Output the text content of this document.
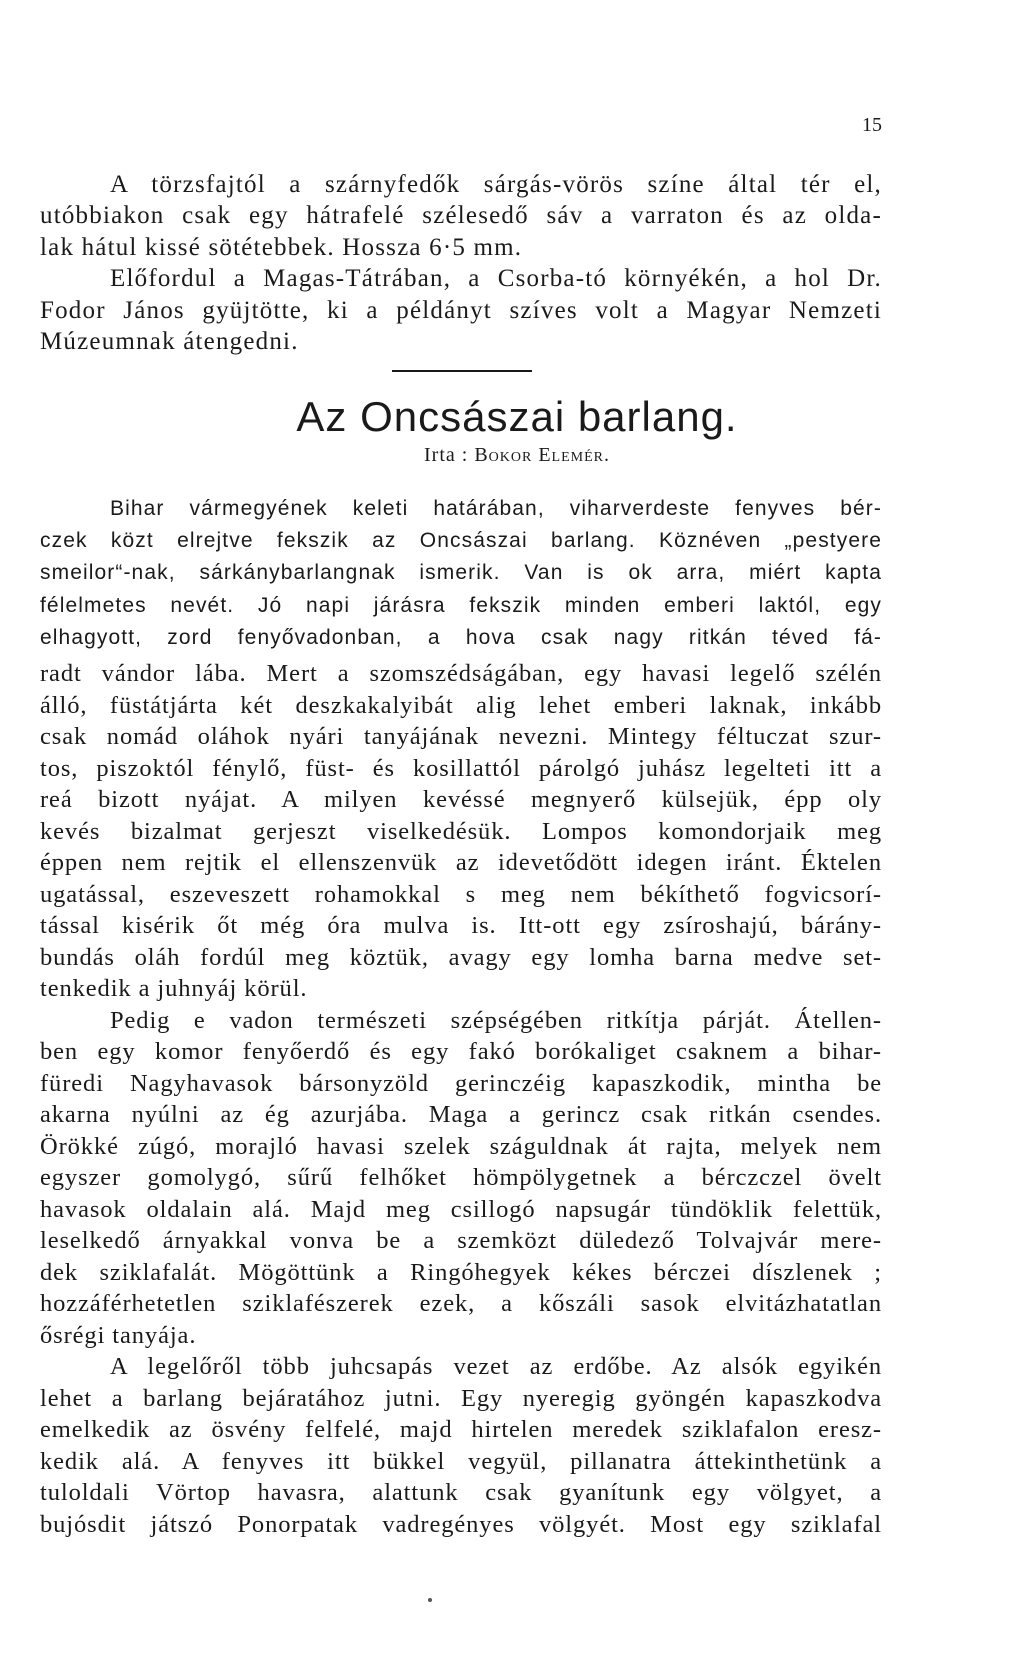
15
A törzsfajtól a szárnyfedők sárgás-vörös színe által tér el,
utóbbiakon csak egy hátrafelé szélesedő sáv a varraton és az olda-
lak hátul kissé sötétebbek. Hossza 6·5 mm.
Előfordul a Magas-Tátrában, a Csorba-tó környékén, a hol Dr.
Fodor János gyüjtötte, ki a példányt szíves volt a Magyar Nemzeti
Múzeumnak átengedni.
Az Oncsászai barlang.
Irta : Bokor Elemér.
Bihar vármegyének keleti határában, viharverdeste fenyves bér-
czek közt elrejtve fekszik az Oncsászai barlang. Köznéven „pestyere
smeilor“-nak, sárkánybarlangnak ismerik. Van is ok arra, miért kapta
félelmetes nevét. Jó napi járásra fekszik minden emberi laktól, egy
elhagyott, zord fenyővadonban, a hova csak nagy ritkán téved fá-
radt vándor lába. Mert a szomszédságában, egy havasi legelő szélén
álló, füstátjárta két deszkakalyibát alig lehet emberi laknak, inkább
csak nomád oláhok nyári tanyájának nevezni. Mintegy féltuczat szur-
tos, piszoktól fénylő, füst- és kosillattól párolgó juhász legelteti itt a
reá bizott nyájat. A milyen kevéssé megnyerő külsejük, épp oly
kevés bizalmat gerjeszt viselkedésük. Lompos komondorjaik meg
éppen nem rejtik el ellenszenvük az idevetődött idegen iránt. Éktelen
ugatással, eszeveszett rohamokkal s meg nem békíthető fogvicsorí-
tással kisérik őt még óra mulva is. Itt-ott egy zsíroshajú, bárány-
bundás oláh fordúl meg köztük, avagy egy lomha barna medve set-
tenkedik a juhnyáj körül.
Pedig e vadon természeti szépségében ritkítja párját. Átellen-
ben egy komor fenyőerdő és egy fakó borókaliget csaknem a bihar-
füredi Nagyhavasok bársonyzöld gerinczéig kapaszkodik, mintha be
akarna nyúlni az ég azurjába. Maga a gerincz csak ritkán csendes.
Örökké zúgó, morajló havasi szelek száguldnak át rajta, melyek nem
egyszer gomolygó, sűrű felhőket hömpölygetnek a bérczczel övelt
havasok oldalain alá. Majd meg csillogó napsugár tündöklik felettük,
leselkedő árnyakkal vonva be a szemközt düledező Tolvajvár mere-
dek sziklafalát. Mögöttünk a Ringóhegyek kékes bérczei díszlenek ;
hozzáférhetetlen sziklafészerek ezek, a kőszáli sasok elvitázhatatlan
ősrégi tanyája.
A legelőről több juhcsapás vezet az erdőbe. Az alsók egyikén
lehet a barlang bejáratához jutni. Egy nyeregig gyöngén kapaszkodva
emelkedik az ösvény felfelé, majd hirtelen meredek sziklafalon eresz-
kedik alá. A fenyves itt bükkel vegyül, pillanatra áttekinthetünk a
tuloldali Vörtop havasra, alattunk csak gyanítunk egy völgyet, a
bujósdit játszó Ponorpatak vadregényes völgyét. Most egy sziklafal
